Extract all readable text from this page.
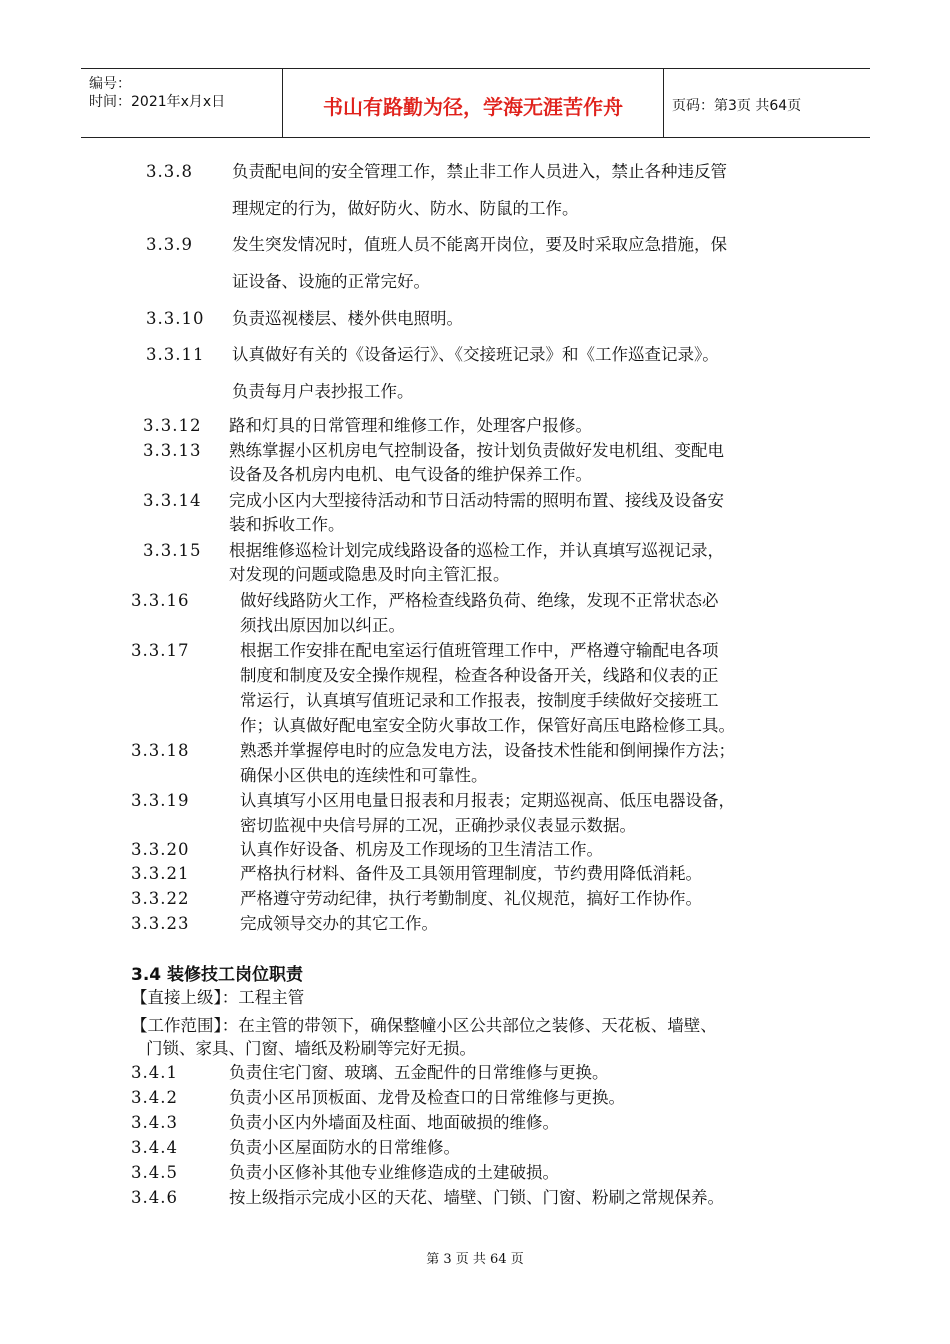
编号：
时间：2021年x月x日	书山有路勤为径，学海无涯苦作舟	页码：第3页 共64页
3.4 装修技工岗位职责
【直接上级】：工程主管
【工作范围】：在主管的带领下，确保整幢小区公共部位之装修、天花板、墙壁、
门锁、家具、门窗、墙纸及粉刷等完好无损。
3.3.8 负责配电间的安全管理工作，禁止非工作人员进入，禁止各种违反管
理规定的行为，做好防火、防水、防鼠的工作。
3.3.9 发生突发情况时，值班人员不能离开岗位，要及时采取应急措施，保
证设备、设施的正常完好。
3.3.10 负责巡视楼层、楼外供电照明。
3.3.11 认真做好有关的《设备运行》、《交接班记录》和《工作巡查记录》。
负责每月户表抄报工作。
3.3.12 路和灯具的日常管理和维修工作，处理客户报修。
3.3.13 熟练掌握小区机房电气控制设备，按计划负责做好发电机组、变配电
设备及各机房内电机、电气设备的维护保养工作。
3.3.14 完成小区内大型接待活动和节日活动特需的照明布置、接线及设备安
装和拆收工作。
3.3.15 根据维修巡检计划完成线路设备的巡检工作，并认真填写巡视记录，
对发现的问题或隐患及时向主管汇报。
3.3.16	做好线路防火工作，严格检查线路负荷、绝缘，发现不正常状态必
须找出原因加以纠正。
3.3.17	根据工作安排在配电室运行值班管理工作中，严格遵守输配电各项
制度和制度及安全操作规程，检查各种设备开关，线路和仪表的正
常运行，认真填写值班记录和工作报表，按制度手续做好交接班工
作；认真做好配电室安全防火事故工作，保管好高压电路检修工具。
3.3.18	熟悉并掌握停电时的应急发电方法，设备技术性能和倒闸操作方法；
确保小区供电的连续性和可靠性。
3.3.19	认真填写小区用电量日报表和月报表；定期巡视高、低压电器设备，
密切监视中央信号屏的工况，正确抄录仪表显示数据。
3.3.20	认真作好设备、机房及工作现场的卫生清洁工作。
3.3.21	严格执行材料、备件及工具领用管理制度，节约费用降低消耗。
3.3.22	严格遵守劳动纪律，执行考勤制度、礼仪规范，搞好工作协作。
3.3.23	完成领导交办的其它工作。
3.4.1	负责住宅门窗、玻璃、五金配件的日常维修与更换。
3.4.2	负责小区吊顶板面、龙骨及检查口的日常维修与更换。
3.4.3	负责小区内外墙面及柱面、地面破损的维修。
3.4.4	负责小区屋面防水的日常维修。
3.4.5	负责小区修补其他专业维修造成的土建破损。
3.4.6	按上级指示完成小区的天花、墙壁、门锁、门窗、粉刷之常规保养。
第 3 页 共 64 页
